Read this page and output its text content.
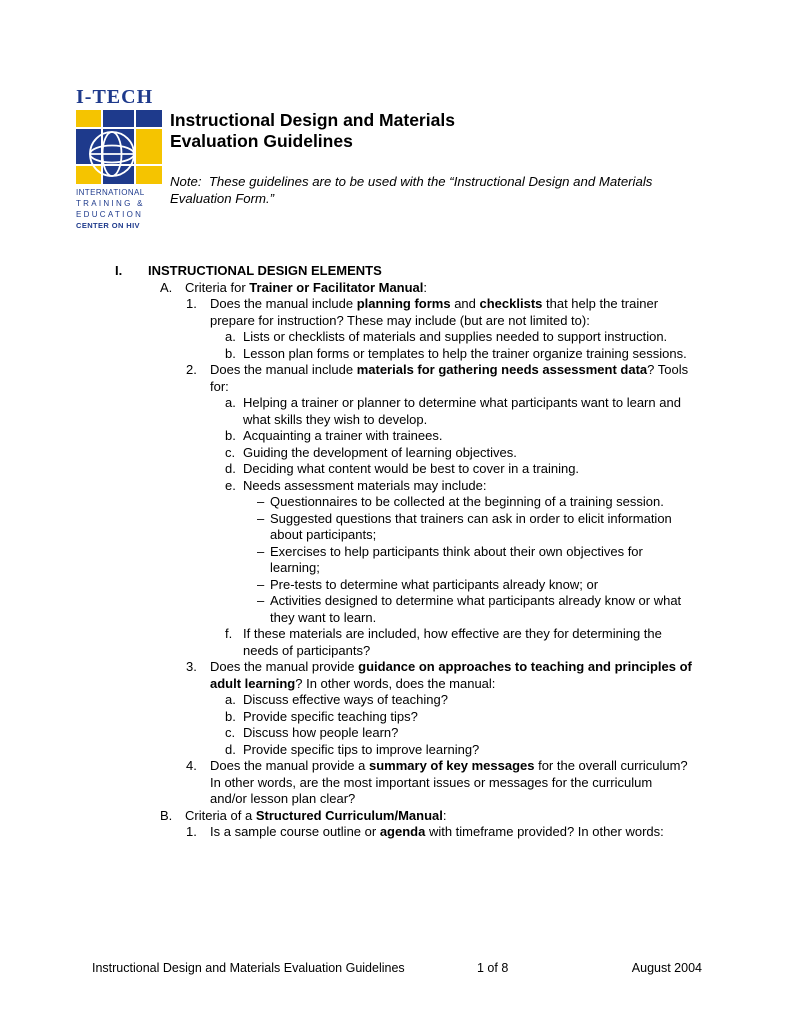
I-TECH
INTERNATIONAL
TRAINING &
EDUCATION
CENTER ON HIV
Instructional Design and Materials
Evaluation Guidelines

Note:  These guidelines are to be used with the “Instructional Design and Materials Evaluation Form.”

I.	INSTRUCTIONAL DESIGN ELEMENTS
A. Criteria for Trainer or Facilitator Manual:
1.	Does the manual include planning forms and checklists that help the trainer prepare for instruction? These may include (but are not limited to):
a. Lists or checklists of materials and supplies needed to support instruction.
b. Lesson plan forms or templates to help the trainer organize training sessions.
2.	Does the manual include materials for gathering needs assessment data? Tools for:
a. Helping a trainer or planner to determine what participants want to learn and what skills they wish to develop.
b. Acquainting a trainer with trainees.
c. Guiding the development of learning objectives.
d. Deciding what content would be best to cover in a training.
e. Needs assessment materials may include:
– Questionnaires to be collected at the beginning of a training session.
– Suggested questions that trainers can ask in order to elicit information about participants;
– Exercises to help participants think about their own objectives for learning;
– Pre-tests to determine what participants already know; or
– Activities designed to determine what participants already know or what they want to learn.
f. If these materials are included, how effective are they for determining the needs of participants?
3.	Does the manual provide guidance on approaches to teaching and principles of adult learning? In other words, does the manual:
a. Discuss effective ways of teaching?
b. Provide specific teaching tips?
c. Discuss how people learn?
d. Provide specific tips to improve learning?
4.	Does the manual provide a summary of key messages for the overall curriculum? In other words, are the most important issues or messages for the curriculum and/or lesson plan clear?
B. Criteria of a Structured Curriculum/Manual:
1.	Is a sample course outline or agenda with timeframe provided? In other words:
Instructional Design and Materials Evaluation Guidelines	1 of 8	August 2004
